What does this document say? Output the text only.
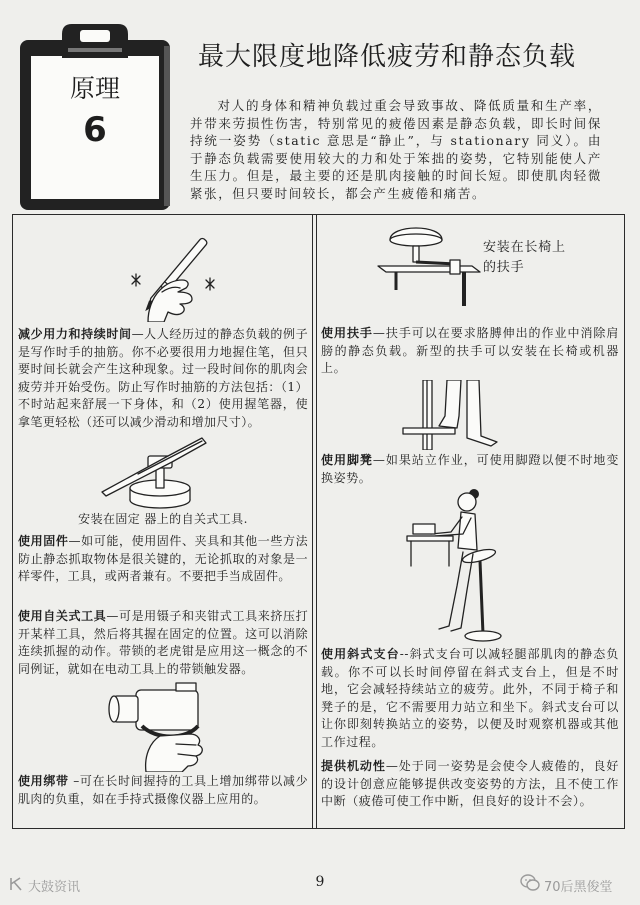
原理
6
最大限度地降低疲劳和静态负载
对人的身体和精神负载过重会导致事故、降低质量和生产率，并带来劳损性伤害，特别常见的疲倦因素是静态负载，即长时间保持统一姿势（static 意思是“静止”，与 stationary 同义）。由于静态负载需要使用较大的力和处于笨拙的姿势，它特别能使人产生压力。但是，最主要的还是肌肉接触的时间长短。即使肌肉轻微紧张，但只要时间较长，都会产生疲倦和痛苦。
减少用力和持续时间—人人经历过的静态负载的例子是写作时手的抽筋。你不必要很用力地握住笔，但只要时间长就会产生这种现象。过一段时间你的肌肉会疲劳并开始受伤。防止写作时抽筋的方法包括：（1）不时站起来舒展一下身体，和（2）使用握笔器，使拿笔更轻松（还可以减少滑动和增加尺寸）。
安装在固定 器上的自关式工具.
使用固件—如可能，使用固件、夹具和其他一些方法防止静态抓取物体是很关键的，无论抓取的对象是一样零件，工具，或两者兼有。不要把手当成固件。
使用自关式工具—可是用镊子和夹钳式工具来挤压打开某样工具，然后将其握在固定的位置。这可以消除连续抓握的动作。带锁的老虎钳是应用这一概念的不同例证，就如在电动工具上的带锁触发器。
使用绑带 –可在长时间握持的工具上增加绑带以减少肌肉的负重，如在手持式摄像仪器上应用的。
安装在长椅上的扶手
使用扶手—扶手可以在要求胳膊伸出的作业中消除肩膀的静态负载。新型的扶手可以安装在长椅或机器上。
使用脚凳—如果站立作业，可使用脚蹬以便不时地变换姿势。
使用斜式支台--斜式支台可以减轻腿部肌肉的静态负载。你不可以长时间停留在斜式支台上，但是不时地，它会减轻持续站立的疲劳。此外，不同于椅子和凳子的是，它不需要用力站立和坐下。斜式支台可以让你即刻转换站立的姿势，以便及时观察机器或其他工作过程。
提供机动性—处于同一姿势是会使令人疲倦的，良好的设计创意应能够提供改变姿势的方法，且不使工作中断（疲倦可使工作中断，但良好的设计不会）。
9
大鼓资讯	70后黑俊堂
